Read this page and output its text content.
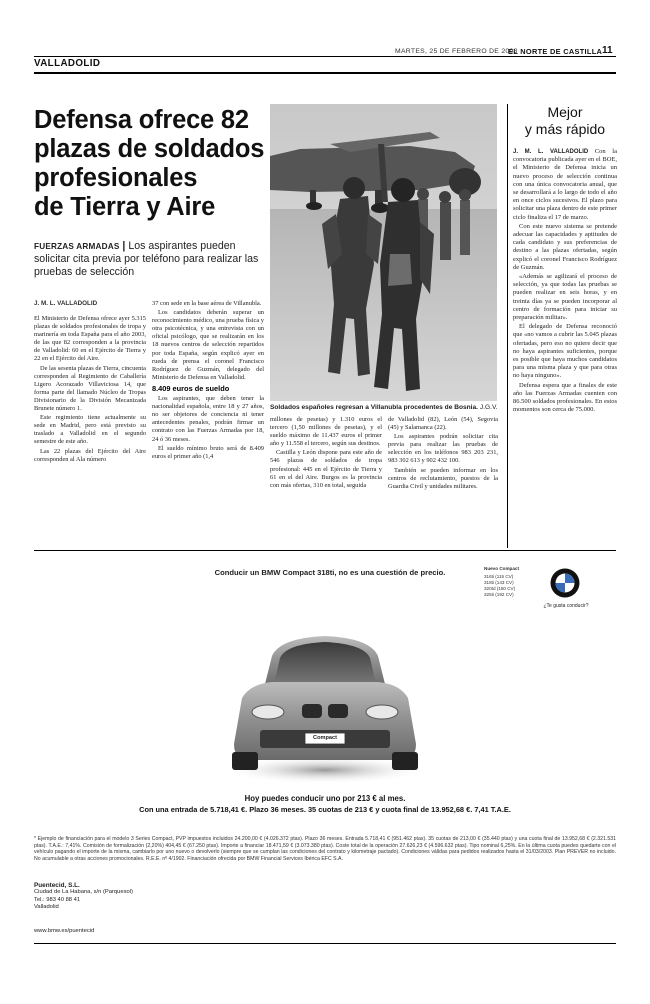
MARTES, 25 DE FEBRERO DE 2003
EL NORTE DE CASTILLA 11
VALLADOLID
Defensa ofrece 82
plazas de soldados
profesionales
de Tierra y Aire
FUERZAS ARMADAS | Los aspirantes pueden solicitar cita previa por teléfono para realizar las pruebas de selección
J. M. L. VALLADOLID
Soldados españoles regresan a Villanubla procedentes de Bosnia. J.G.V.

El Ministerio de Defensa ofrece ayer 5.315 plazas de soldados profesionales de tropa y marinería en toda España para el año 2003, de las que 82 corresponden a la provincia de Valladolid: 60 en el Ejército de Tierra y 22 en el Ejército del Aire.

De las sesenta plazas de Tierra, cincuenta corresponden al Regimiento de Caballería Ligero Acorazado Villaviciosa 14, que forma parte del llamado Núcleo de Tropas Divisionario de la División Mecanizada Brunete número 1.

Este regimiento tiene actualmente su sede en Madrid, pero está previsto su traslado a Valladolid en el segundo semestre de este año.

Las 22 plazas del Ejército del Aire corresponden al Ala número

37 con sede en la base aérea de Villanubla.

Los candidatos deberán superar un reconocimiento médico, una prueba física y otra psicotécnica, y una entrevista con un oficial psicólogo, que se realizarán en los 18 nuevos centros de selección repartidos por toda España, según explicó ayer en rueda de prensa el coronel Francisco Rodríguez de Guzmán, delegado del Ministerio de Defensa en Valladolid.

8.409 euros de sueldo

Los aspirantes, que deben tener la nacionalidad española, entre 18 y 27 años, no ser objetores de conciencia ni tener antecedentes penales, podrán firmar un contrato con las Fuerzas Armadas por 18, 24 ó 36 meses.

El sueldo mínimo bruto será de 8.409 euros el primer año (1,4

millones de pesetas) y 1.310 euros el tercero (1,50 millones de pesetas), y el sueldo máximo de 11.437 euros el primer año y 11.558 el tercero, según sus destinos.

Castilla y León dispone para este año de 546 plazas de soldados de tropa profesional: 445 en el Ejército de Tierra y 61 en el del Aire. Burgos es la provincia con más ofertas, 310 en total, seguida

de Valladolid (82), León (54), Segovia (45) y Salamanca (22).

Los aspirantes podrán solicitar cita previa para realizar las pruebas de selección en los teléfonos 983 203 231, 983 302 613 y 902 432 100.

También se pueden informar en los centros de reclutamiento, puestos de la Guardia Civil y unidades militares.

Mejor
y más rápido

J. M. L. VALLADOLID Con la convocatoria publicada ayer en el BOE, el Ministerio de Defensa inicia un nuevo proceso de selección continua con una única convocatoria anual, que se desarrollará a lo largo de todo el año en once ciclos sucesivos. El plazo para solicitar una plaza dentro de este primer ciclo finaliza el 17 de marzo.

Con este nuevo sistema se pretende adecuar las capacidades y aptitudes de cada candidato y sus preferencias de destino a las plazas ofertadas, según explicó el coronel Francisco Rodríguez de Guzmán.

«Además se agilizará el proceso de selección, ya que todas las pruebas se pueden realizar en seis horas, y en treinta días ya se pueden incorporar al centro de formación para iniciar su preparación militar».

El delegado de Defensa reconoció que «no vamos a cubrir las 5.045 plazas ofertadas, pero eso no quiere decir que no haya aspirantes suficientes, porque es posible que haya muchos candidatos para una misma plaza y que para otras no haya ninguno».

Defensa espera que a finales de este año las Fuerzas Armadas cuenten con 86.500 soldados profesionales. En estos momentos son cerca de 75.000.

Nuevo Compact
316ti (115 CV)
318ti (143 CV)
320td (150 CV)
325ti (192 CV)
¿Te gusta conducir?
Conducir un BMW Compact 318ti, no es una cuestión de precio.
Compact
Hoy puedes conducir uno por 213 € al mes.
Con una entrada de 5.718,41 €. Plazo 36 meses. 35 cuotas de 213 € y cuota final de 13.952,68 €. 7,41 T.A.E.
* Ejemplo de financiación para el modelo 3 Series Compact, PVP impuestos incluidos 24.200,00 € (4.026.372 ptas). Plazo 36 meses. Entrada 5.718,41 € (951.462 ptas). 35 cuotas de 213,00 € (35.440 ptas) y una cuota final de 13.952,68 € (2.321.531 ptas). T.A.E.: 7,41%. Comisión de formalización (2,20%) 404,45 € (67.250 ptas). Importe a financiar 18.471,59 € (3.073.380 ptas). Coste total de la operación 27.626,23 € (4.596.632 ptas). Tipo nominal 6,25%. En la última cuota puedes quedarte con el vehículo pagando el importe de la misma, cambiarlo por uno nuevo o devolverlo (siempre que se cumplan las condiciones del contrato y kilometraje pactado). Condiciones válidas para pedidos realizados hasta el 31/03/2003. Plan PREVER no incluido. No acumulable a otras acciones promocionales. R.E.E. nº 4/1902. Financiación ofrecida por BMW Financial Services Ibérica EFC S.A.
Puentecid, S.L.
Ciudad de La Habana, s/n (Parquesol)
Tel.: 983 40 88 41
Valladolid
www.bmw.es/puentecid
